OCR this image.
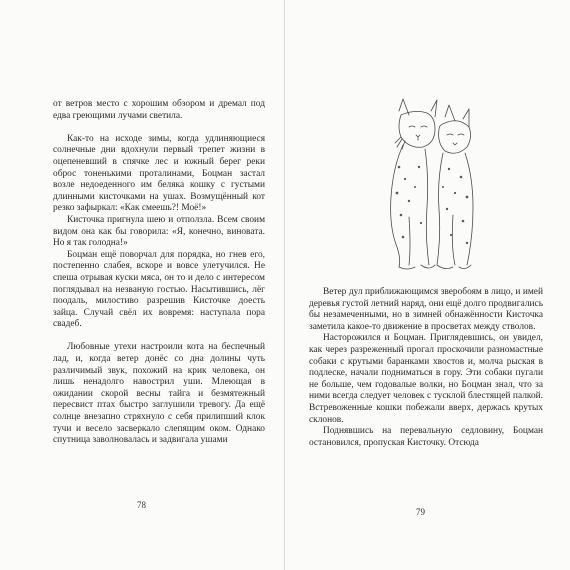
от ветров место с хорошим обзором и дремал под едва греющими лучами светила.

Как-то на исходе зимы, когда удлиняющиеся солнечные дни вдохнули первый трепет жизни в оцепеневший в спячке лес и южный берег реки оброс тоненькими проталинами, Боцман застал возле недоеденного им беляка кошку с густыми длинными кисточками на ушах. Возмущённый кот резко зафыркал: «Как смеешь?! Моё!»

Кисточка пригнула шею и отползла. Всем своим видом она как бы говорила: «Я, конечно, виновата. Но я так голодна!»

Боцман ещё поворчал для порядка, но гнев его, постепенно слабея, вскоре и вовсе улетучился. Не спеша отрывая куски мяса, он то и дело с интересом поглядывал на незваную гостью. Насытившись, лёг поодаль, милостиво разрешив Кисточке доесть зайца. Случай свёл их вовремя: наступала пора свадеб.

Любовные утехи настроили кота на беспечный лад, и, когда ветер донёс со дна долины чуть различимый звук, похожий на крик человека, он лишь ненадолго навострил уши. Млеющая в ожидании скорой весны тайга и безмятежный пересвист птах быстро заглушили тревогу. Да ещё солнце внезапно стряхнуло с себя прилипший клок тучи и весело засверкало слепящим оком. Однако спутница заволновалась и задвигала ушами

78

Ветер дул приближающимся зверобоям в лицо, и имей деревья густой летний наряд, они ещё долго продвигались бы незамеченными, но в зимней обнажённости Кисточка заметила какое-то движение в просветах между стволов.

Насторожился и Боцман. Приглядевшись, он увидел, как через разреженный прогал проскочили разномастные собаки с крутыми баранками хвостов и, молча рыская в подлеске, начали подниматься в гору. Эти собаки пугали не больше, чем годовалые волки, но Боцман знал, что за ними всегда следует человек с тусклой блестящей палкой. Встревоженные кошки побежали вверх, держась крутых склонов.

Поднявшись на перевальную седловину, Боцман остановился, пропуская Кисточку. Отсюда

79
